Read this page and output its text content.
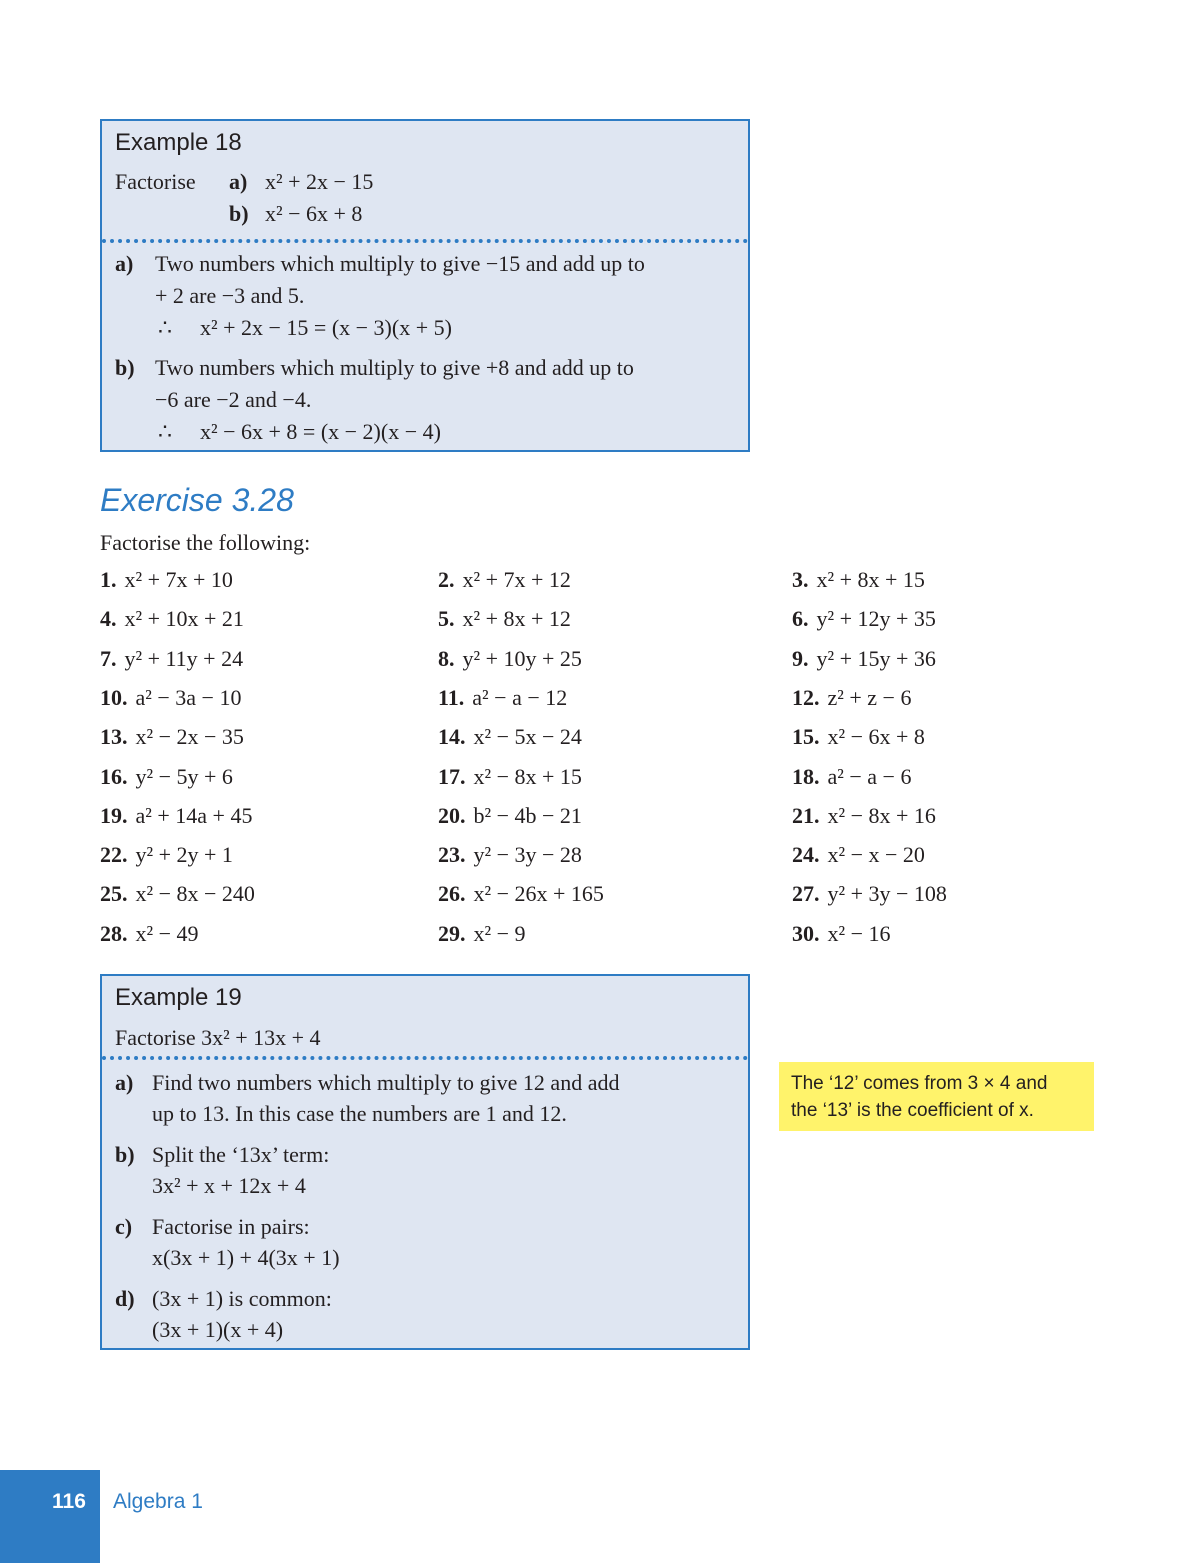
Example 18
Factorise a) x² + 2x − 15
b) x² − 6x + 8
a) Two numbers which multiply to give −15 and add up to
+ 2 are −3 and 5.
∴ x² + 2x − 15 = (x − 3)(x + 5)
b) Two numbers which multiply to give +8 and add up to
−6 are −2 and −4.
∴ x² − 6x + 8 = (x − 2)(x − 4)
Exercise 3.28
Factorise the following:
1. x² + 7x + 10	2. x² + 7x + 12	3. x² + 8x + 15
4. x² + 10x + 21	5. x² + 8x + 12	6. y² + 12y + 35
7. y² + 11y + 24	8. y² + 10y + 25	9. y² + 15y + 36
10. a² − 3a − 10	11. a² − a − 12	12. z² + z − 6
13. x² − 2x − 35	14. x² − 5x − 24	15. x² − 6x + 8
16. y² − 5y + 6	17. x² − 8x + 15	18. a² − a − 6
19. a² + 14a + 45	20. b² − 4b − 21	21. x² − 8x + 16
22. y² + 2y + 1	23. y² − 3y − 28	24. x² − x − 20
25. x² − 8x − 240	26. x² − 26x + 165	27. y² + 3y − 108
28. x² − 49	29. x² − 9	30. x² − 16
Example 19
Factorise 3x² + 13x + 4
a) Find two numbers which multiply to give 12 and add
up to 13. In this case the numbers are 1 and 12.
b) Split the ‘13x’ term:
3x² + x + 12x + 4
c) Factorise in pairs:
x(3x + 1) + 4(3x + 1)
d) (3x + 1) is common:
(3x + 1)(x + 4)
The ‘12’ comes from 3 × 4 and
the ‘13’ is the coefficient of x.
116 Algebra 1
